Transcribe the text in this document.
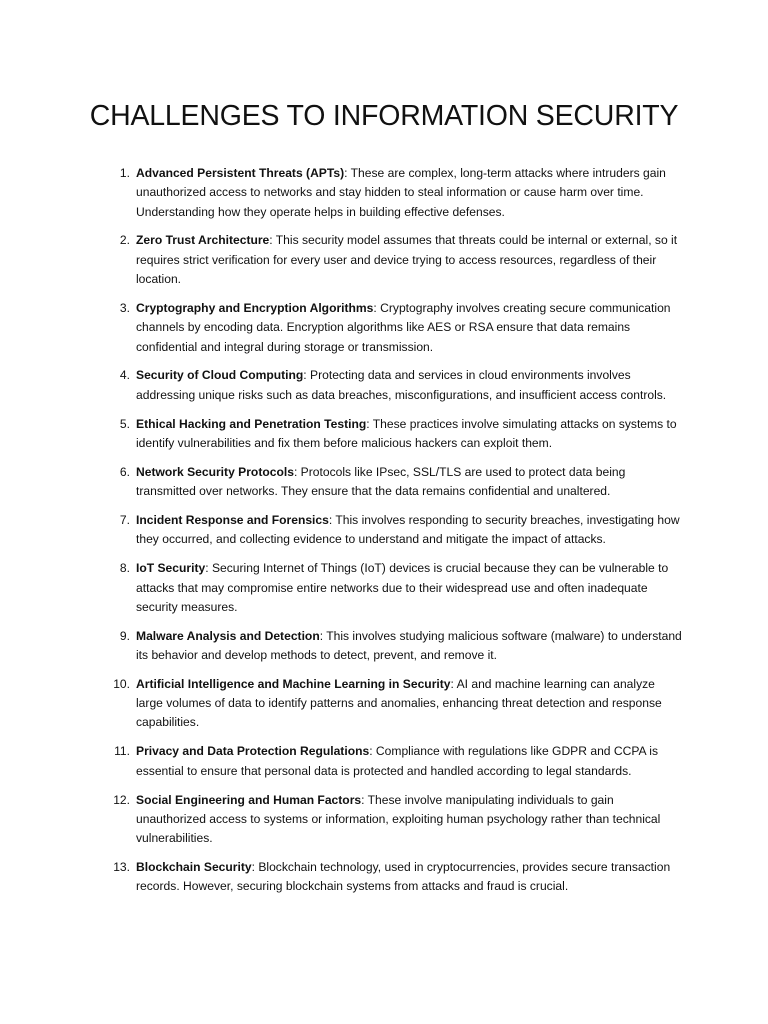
CHALLENGES TO INFORMATION SECURITY
1. Advanced Persistent Threats (APTs): These are complex, long-term attacks where intruders gain unauthorized access to networks and stay hidden to steal information or cause harm over time. Understanding how they operate helps in building effective defenses.
2. Zero Trust Architecture: This security model assumes that threats could be internal or external, so it requires strict verification for every user and device trying to access resources, regardless of their location.
3. Cryptography and Encryption Algorithms: Cryptography involves creating secure communication channels by encoding data. Encryption algorithms like AES or RSA ensure that data remains confidential and integral during storage or transmission.
4. Security of Cloud Computing: Protecting data and services in cloud environments involves addressing unique risks such as data breaches, misconfigurations, and insufficient access controls.
5. Ethical Hacking and Penetration Testing: These practices involve simulating attacks on systems to identify vulnerabilities and fix them before malicious hackers can exploit them.
6. Network Security Protocols: Protocols like IPsec, SSL/TLS are used to protect data being transmitted over networks. They ensure that the data remains confidential and unaltered.
7. Incident Response and Forensics: This involves responding to security breaches, investigating how they occurred, and collecting evidence to understand and mitigate the impact of attacks.
8. IoT Security: Securing Internet of Things (IoT) devices is crucial because they can be vulnerable to attacks that may compromise entire networks due to their widespread use and often inadequate security measures.
9. Malware Analysis and Detection: This involves studying malicious software (malware) to understand its behavior and develop methods to detect, prevent, and remove it.
10. Artificial Intelligence and Machine Learning in Security: AI and machine learning can analyze large volumes of data to identify patterns and anomalies, enhancing threat detection and response capabilities.
11. Privacy and Data Protection Regulations: Compliance with regulations like GDPR and CCPA is essential to ensure that personal data is protected and handled according to legal standards.
12. Social Engineering and Human Factors: These involve manipulating individuals to gain unauthorized access to systems or information, exploiting human psychology rather than technical vulnerabilities.
13. Blockchain Security: Blockchain technology, used in cryptocurrencies, provides secure transaction records. However, securing blockchain systems from attacks and fraud is crucial.
